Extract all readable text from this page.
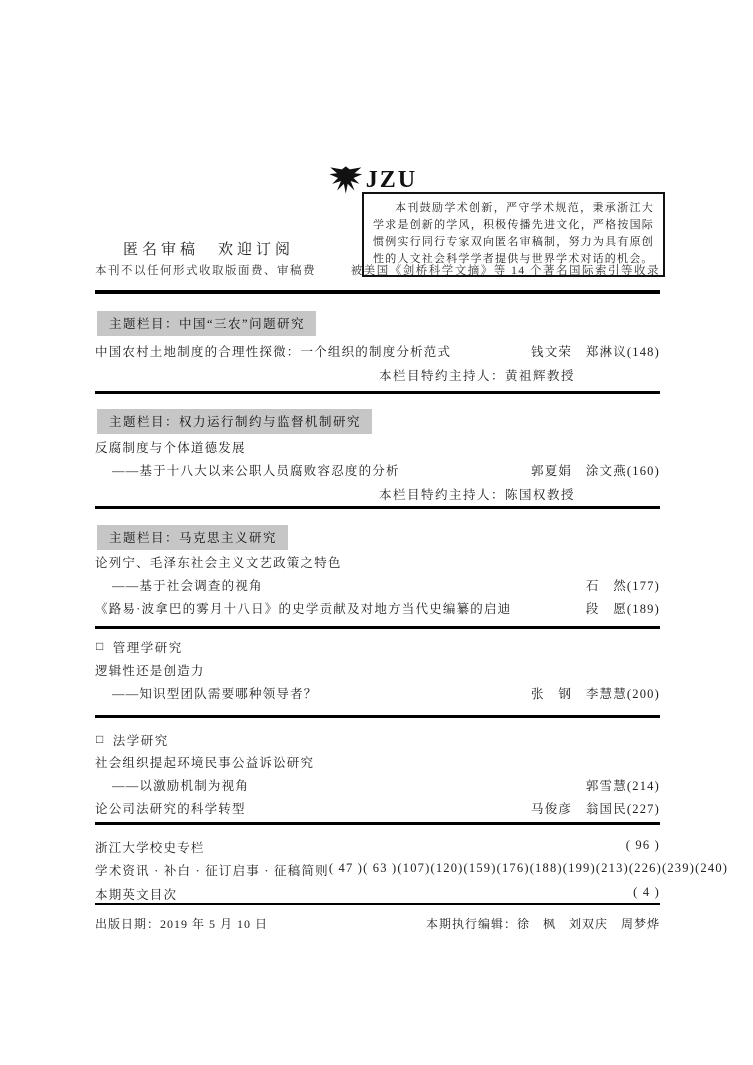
JZU
本刊鼓励学术创新，严守学术规范，秉承浙江大学求是创新的学风，积极传播先进文化，严格按国际惯例实行同行专家双向匿名审稿制，努力为具有原创性的人文社会科学学者提供与世界学术对话的机会。
匿名审稿　欢迎订阅
本刊不以任何形式收取版面费、审稿费	被美国《剑桥科学文摘》等 14 个著名国际索引等收录
主题栏目：中国“三农”问题研究
中国农村土地制度的合理性探微：一个组织的制度分析范式	钱文荣　郑淋议(148)
本栏目特约主持人：黄祖辉教授
主题栏目：权力运行制约与监督机制研究
反腐制度与个体道德发展
——基于十八大以来公职人员腐败容忍度的分析	郭夏娟　涂文燕(160)
本栏目特约主持人：陈国权教授
主题栏目：马克思主义研究
论列宁、毛泽东社会主义文艺政策之特色
——基于社会调查的视角	石　然(177)
《路易·波拿巴的雾月十八日》的史学贡献及对地方当代史编纂的启迪	段　愿(189)
□ 管理学研究
逻辑性还是创造力
——知识型团队需要哪种领导者？	张　钢　李慧慧(200)
□ 法学研究
社会组织提起环境民事公益诉讼研究
——以激励机制为视角	郭雪慧(214)
论公司法研究的科学转型	马俊彦　翁国民(227)
浙江大学校史专栏	( 96 )
学术资讯 · 补白 · 征订启事 · 征稿简则 ( 47 )( 63 )(107)(120)(159)(176)(188)(199)(213)(226)(239)(240)
本期英文目次	( 4 )
出版日期：2019 年 5 月 10 日	本期执行编辑：徐　枫　刘双庆　周梦烨
